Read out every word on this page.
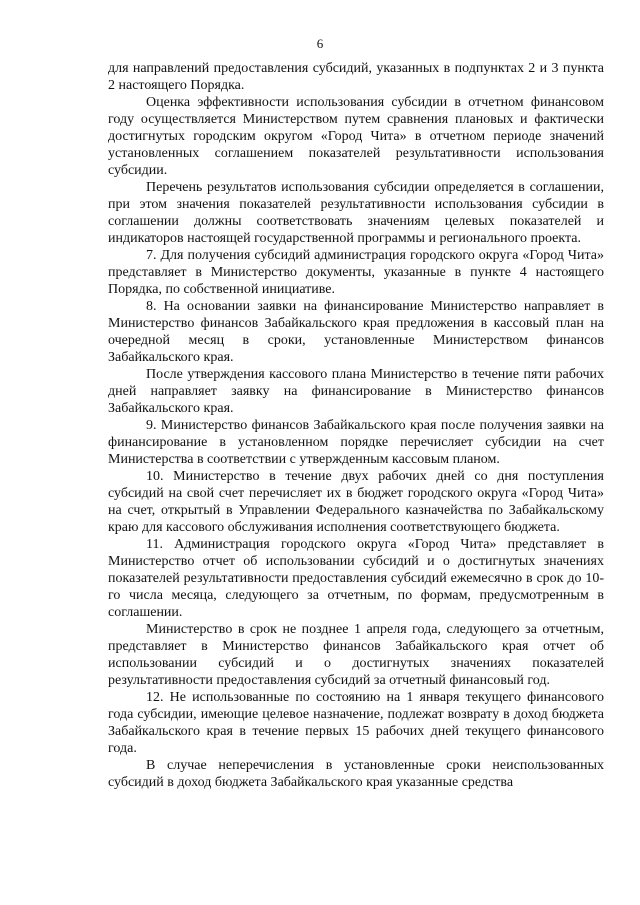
6

для направлений предоставления субсидий, указанных в подпунктах 2 и 3 пункта 2 настоящего Порядка.

Оценка эффективности использования субсидии в отчетном финансовом году осуществляется Министерством путем сравнения плановых и фактически достигнутых городским округом «Город Чита» в отчетном периоде значений установленных соглашением показателей результативности использования субсидии.

Перечень результатов использования субсидии определяется в соглашении, при этом значения показателей результативности использования субсидии в соглашении должны соответствовать значениям целевых показателей и индикаторов настоящей государственной программы и регионального проекта.

7. Для получения субсидий администрация городского округа «Город Чита» представляет в Министерство документы, указанные в пункте 4 настоящего Порядка, по собственной инициативе.

8. На основании заявки на финансирование Министерство направляет в Министерство финансов Забайкальского края предложения в кассовый план на очередной месяц в сроки, установленные Министерством финансов Забайкальского края.

После утверждения кассового плана Министерство в течение пяти рабочих дней направляет заявку на финансирование в Министерство финансов Забайкальского края.

9. Министерство финансов Забайкальского края после получения заявки на финансирование в установленном порядке перечисляет субсидии на счет Министерства в соответствии с утвержденным кассовым планом.

10. Министерство в течение двух рабочих дней со дня поступления субсидий на свой счет перечисляет их в бюджет городского округа «Город Чита» на счет, открытый в Управлении Федерального казначейства по Забайкальскому краю для кассового обслуживания исполнения соответствующего бюджета.

11. Администрация городского округа «Город Чита» представляет в Министерство отчет об использовании субсидий и о достигнутых значениях показателей результативности предоставления субсидий ежемесячно в срок до 10-го числа месяца, следующего за отчетным, по формам, предусмотренным в соглашении.

Министерство в срок не позднее 1 апреля года, следующего за отчетным, представляет в Министерство финансов Забайкальского края отчет об использовании субсидий и о достигнутых значениях показателей результативности предоставления субсидий за отчетный финансовый год.

12. Не использованные по состоянию на 1 января текущего финансового года субсидии, имеющие целевое назначение, подлежат возврату в доход бюджета Забайкальского края в течение первых 15 рабочих дней текущего финансового года.

В случае неперечисления в установленные сроки неиспользованных субсидий в доход бюджета Забайкальского края указанные средства
